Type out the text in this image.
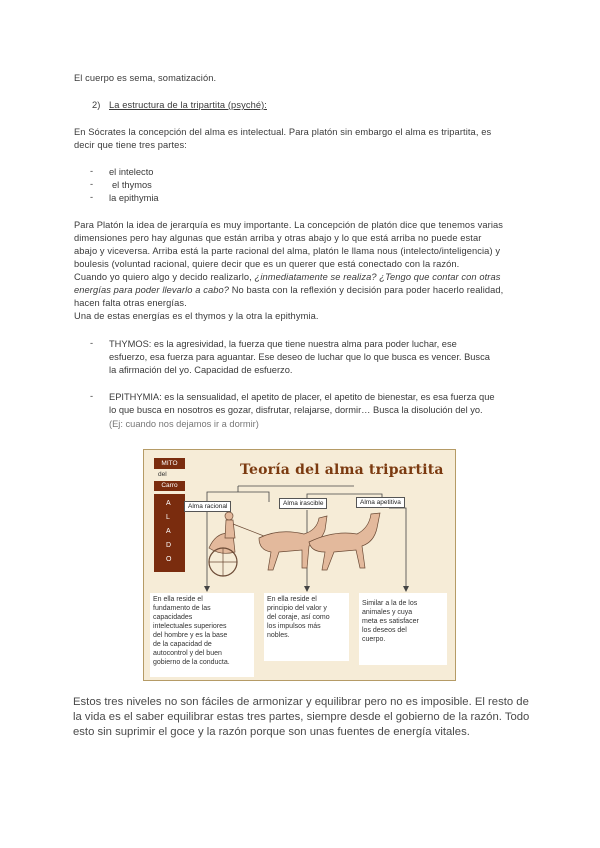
El cuerpo es sema, somatización.
2) La estructura de la tripartita (psyché):
En Sócrates la concepción del alma es intelectual. Para platón sin embargo el alma es tripartita, es
decir que tiene tres partes:
- el intelecto
- el thymos
- la epithymia
Para Platón la idea de jerarquía es muy importante. La concepción de platón dice que tenemos varias
dimensiones pero hay algunas que están arriba y otras abajo y lo que está arriba no puede estar
abajo y viceversa. Arriba está la parte racional del alma, platón le llama nous (intelecto/inteligencia) y
boulesis (voluntad racional, quiere decir que es un querer que está conectado con la razón.
Cuando yo quiero algo y decido realizarlo, ¿inmediatamente se realiza? ¿Tengo que contar con otras
energías para poder llevarlo a cabo? No basta con la reflexión y decisión para poder hacerlo realidad,
hacen falta otras energías.
Una de estas energías es el thymos y la otra la epithymia.
- THYMOS: es la agresividad, la fuerza que tiene nuestra alma para poder luchar, ese
esfuerzo, esa fuerza para aguantar. Ese deseo de luchar que lo que busca es vencer. Busca
la afirmación del yo. Capacidad de esfuerzo.
- EPITHYMIA: es la sensualidad, el apetito de placer, el apetito de bienestar, es esa fuerza que
lo que busca en nosotros es gozar, disfrutar, relajarse, dormir… Busca la disolución del yo.
(Ej: cuando nos dejamos ir a dormir)
MITO
del
Carro
A
L
A
D
O
Teoría del alma tripartita
Alma racional	Alma irascible	Alma apetitiva
En ella reside el
fundamento de las
capacidades
intelectuales superiores
del hombre y es la base
de la capacidad de
autocontrol y del buen
gobierno de la conducta.
En ella reside el
principio del valor y
del coraje, así como
los impulsos más
nobles.
Similar a la de los
animales y cuya
meta es satisfacer
los deseos del
cuerpo.
Estos tres niveles no son fáciles de armonizar y equilibrar pero no es imposible. El resto de
la vida es el saber equilibrar estas tres partes, siempre desde el gobierno de la razón. Todo
esto sin suprimir el goce y la razón porque son unas fuentes de energía vitales.
